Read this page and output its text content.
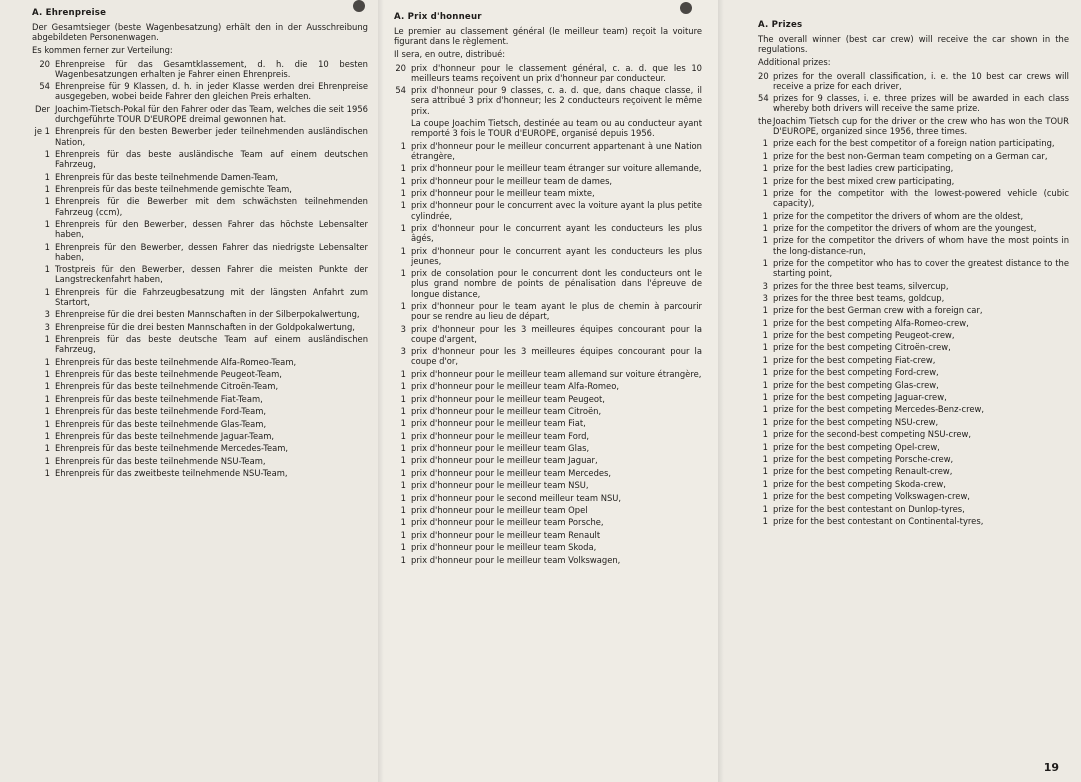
A. Ehrenpreise
Der Gesamtsieger (beste Wagenbesatzung) erhält den in der Ausschreibung abgebildeten Personenwagen.
Es kommen ferner zur Verteilung:
20 Ehrenpreise für das Gesamtklassement, d. h. die 10 besten Wagenbesatzungen erhalten je Fahrer einen Ehrenpreis.
54 Ehrenpreise für 9 Klassen, d. h. in jeder Klasse werden drei Ehrenpreise ausgegeben, wobei beide Fahrer den gleichen Preis erhalten.
Der Joachim-Tietsch-Pokal für den Fahrer oder das Team, welches die seit 1956 durchgeführte TOUR D'EUROPE dreimal gewonnen hat.
je 1 Ehrenpreis für den besten Bewerber jeder teilnehmenden ausländischen Nation,
1 Ehrenpreis für das beste ausländische Team auf einem deutschen Fahrzeug,
1 Ehrenpreis für das beste teilnehmende Damen-Team,
1 Ehrenpreis für das beste teilnehmende gemischte Team,
1 Ehrenpreis für die Bewerber mit dem schwächsten teilnehmenden Fahrzeug (ccm),
1 Ehrenpreis für den Bewerber, dessen Fahrer das höchste Lebensalter haben,
1 Ehrenpreis für den Bewerber, dessen Fahrer das niedrigste Lebensalter haben,
1 Trostpreis für den Bewerber, dessen Fahrer die meisten Punkte der Langstreckenfahrt haben,
1 Ehrenpreis für die Fahrzeugbesatzung mit der längsten Anfahrt zum Startort,
3 Ehrenpreise für die drei besten Mannschaften in der Silberpokalwertung,
3 Ehrenpreise für die drei besten Mannschaften in der Goldpokalwertung,
1 Ehrenpreis für das beste deutsche Team auf einem ausländischen Fahrzeug,
1 Ehrenpreis für das beste teilnehmende Alfa-Romeo-Team,
1 Ehrenpreis für das beste teilnehmende Peugeot-Team,
1 Ehrenpreis für das beste teilnehmende Citroën-Team,
1 Ehrenpreis für das beste teilnehmende Fiat-Team,
1 Ehrenpreis für das beste teilnehmende Ford-Team,
1 Ehrenpreis für das beste teilnehmende Glas-Team,
1 Ehrenpreis für das beste teilnehmende Jaguar-Team,
1 Ehrenpreis für das beste teilnehmende Mercedes-Team,
1 Ehrenpreis für das beste teilnehmende NSU-Team,
1 Ehrenpreis für das zweitbeste teilnehmende NSU-Team,
A. Prix d'honneur
Le premier au classement général (le meilleur team) reçoit la voiture figurant dans le règlement.
Il sera, en outre, distribué:
20 prix d'honneur pour le classement général, c. a. d. que les 10 meilleurs teams reçoivent un prix d'honneur par conducteur.
54 prix d'honneur pour 9 classes, c. a. d. que, dans chaque classe, il sera attribué 3 prix d'honneur; les 2 conducteurs reçoivent le même prix.
La coupe Joachim Tietsch, destinée au team ou au conducteur ayant remporté 3 fois le TOUR d'EUROPE, organisé depuis 1956.
1 prix d'honneur pour le meilleur concurrent appartenant à une Nation étrangère,
1 prix d'honneur pour le meilleur team étranger sur voiture allemande,
1 prix d'honneur pour le meilleur team de dames,
1 prix d'honneur pour le meilleur team mixte,
1 prix d'honneur pour le concurrent avec la voiture ayant la plus petite cylindrée,
1 prix d'honneur pour le concurrent ayant les conducteurs les plus âgés,
1 prix d'honneur pour le concurrent ayant les conducteurs les plus jeunes,
1 prix de consolation pour le concurrent dont les conducteurs ont le plus grand nombre de points de pénalisation dans l'épreuve de longue distance,
1 prix d'honneur pour le team ayant le plus de chemin à parcourir pour se rendre au lieu de départ,
3 prix d'honneur pour les 3 meilleures équipes concourant pour la coupe d'argent,
3 prix d'honneur pour les 3 meilleures équipes concourant pour la coupe d'or,
1 prix d'honneur pour le meilleur team allemand sur voiture étrangère,
1 prix d'honneur pour le meilleur team Alfa-Romeo,
1 prix d'honneur pour le meilleur team Peugeot,
1 prix d'honneur pour le meilleur team Citroën,
1 prix d'honneur pour le meilleur team Fiat,
1 prix d'honneur pour le meilleur team Ford,
1 prix d'honneur pour le meilleur team Glas,
1 prix d'honneur pour le meilleur team Jaguar,
1 prix d'honneur pour le meilleur team Mercedes,
1 prix d'honneur pour le meilleur team NSU,
1 prix d'honneur pour le second meilleur team NSU,
1 prix d'honneur pour le meilleur team Opel
1 prix d'honneur pour le meilleur team Porsche,
1 prix d'honneur pour le meilleur team Renault
1 prix d'honneur pour le meilleur team Skoda,
1 prix d'honneur pour le meilleur team Volkswagen,
A. Prizes
The overall winner (best car crew) will receive the car shown in the regulations.
Additional prizes:
20 prizes for the overall classification, i. e. the 10 best car crews will receive a prize for each driver,
54 prizes for 9 classes, i. e. three prizes will be awarded in each class whereby both drivers will receive the same prize.
the Joachim Tietsch cup for the driver or the crew who has won the TOUR D'EUROPE, organized since 1956, three times.
1 prize each for the best competitor of a foreign nation participating,
1 prize for the best non-German team competing on a German car,
1 prize for the best ladies crew participating,
1 prize for the best mixed crew participating,
1 prize for the competitor with the lowest-powered vehicle (cubic capacity),
1 prize for the competitor the drivers of whom are the oldest,
1 prize for the competitor the drivers of whom are the youngest,
1 prize for the competitor the drivers of whom have the most points in the long-distance-run,
1 prize for the competitor who has to cover the greatest distance to the starting point,
3 prizes for the three best teams, silvercup,
3 prizes for the three best teams, goldcup,
1 prize for the best German crew with a foreign car,
1 prize for the best competing Alfa-Romeo-crew,
1 prize for the best competing Peugeot-crew,
1 prize for the best competing Citroën-crew,
1 prize for the best competing Fiat-crew,
1 prize for the best competing Ford-crew,
1 prize for the best competing Glas-crew,
1 prize for the best competing Jaguar-crew,
1 prize for the best competing Mercedes-Benz-crew,
1 prize for the best competing NSU-crew,
1 prize for the second-best competing NSU-crew,
1 prize for the best competing Opel-crew,
1 prize for the best competing Porsche-crew,
1 prize for the best competing Renault-crew,
1 prize for the best competing Skoda-crew,
1 prize for the best competing Volkswagen-crew,
1 prize for the best contestant on Dunlop-tyres,
1 prize for the best contestant on Continental-tyres,
19
